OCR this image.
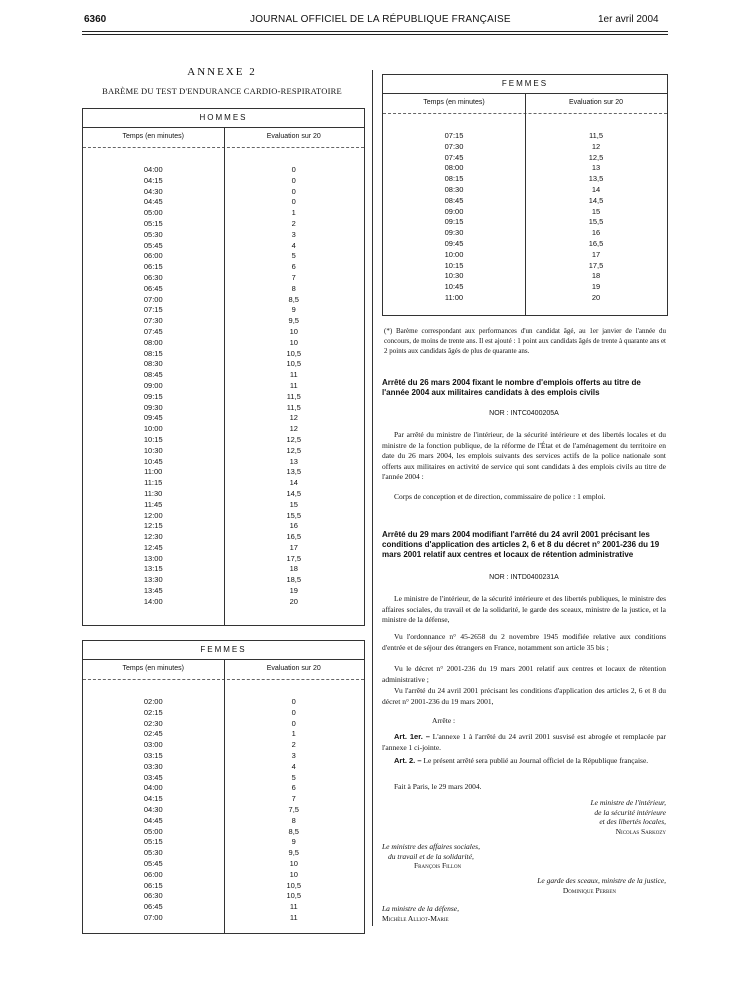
6360	JOURNAL OFFICIEL DE LA RÉPUBLIQUE FRANÇAISE	1er avril 2004
ANNEXE 2
BARÈME DU TEST D'ENDURANCE CARDIO-RESPIRATOIRE
HOMMES
Temps (en minutes)	Evaluation sur 20
04:00	0
04:15	0
04:30	0
04:45	0
05:00	1
05:15	2
05:30	3
05:45	4
06:00	5
06:15	6
06:30	7
06:45	8
07:00	8,5
07:15	9
07:30	9,5
07:45	10
08:00	10
08:15	10,5
08:30	10,5
08:45	11
09:00	11
09:15	11,5
09:30	11,5
09:45	12
10:00	12
10:15	12,5
10:30	12,5
10:45	13
11:00	13,5
11:15	14
11:30	14,5
11:45	15
12:00	15,5
12:15	16
12:30	16,5
12:45	17
13:00	17,5
13:15	18
13:30	18,5
13:45	19
14:00	20
FEMMES
Temps (en minutes)	Evaluation sur 20
02:00	0
02:15	0
02:30	0
02:45	1
03:00	2
03:15	3
03:30	4
03:45	5
04:00	6
04:15	7
04:30	7,5
04:45	8
05:00	8,5
05:15	9
05:30	9,5
05:45	10
06:00	10
06:15	10,5
06:30	10,5
06:45	11
07:00	11
FEMMES
Temps (en minutes)	Evaluation sur 20
07:15	11,5
07:30	12
07:45	12,5
08:00	13
08:15	13,5
08:30	14
08:45	14,5
09:00	15
09:15	15,5
09:30	16
09:45	16,5
10:00	17
10:15	17,5
10:30	18
10:45	19
11:00	20
(*) Barème correspondant aux performances d'un candidat âgé, au 1er janvier de l'année du concours, de moins de trente ans. Il est ajouté : 1 point aux candidats âgés de trente à quarante ans et 2 points aux candidats âgés de plus de quarante ans.
Arrêté du 26 mars 2004 fixant le nombre d'emplois offerts au titre de l'année 2004 aux militaires candidats à des emplois civils
NOR : INTC0400205A
Par arrêté du ministre de l'intérieur, de la sécurité intérieure et des libertés locales et du ministre de la fonction publique, de la réforme de l'État et de l'aménagement du territoire en date du 26 mars 2004, les emplois suivants des services actifs de la police nationale sont offerts aux militaires en activité de service qui sont candidats à des emplois civils au titre de l'année 2004 :
Corps de conception et de direction, commissaire de police : 1 emploi.
Arrêté du 29 mars 2004 modifiant l'arrêté du 24 avril 2001 précisant les conditions d'application des articles 2, 6 et 8 du décret n° 2001-236 du 19 mars 2001 relatif aux centres et locaux de rétention administrative
NOR : INTD0400231A
Le ministre de l'intérieur, de la sécurité intérieure et des libertés publiques, le ministre des affaires sociales, du travail et de la solidarité, le garde des sceaux, ministre de la justice, et la ministre de la défense,
Vu l'ordonnance n° 45-2658 du 2 novembre 1945 modifiée relative aux conditions d'entrée et de séjour des étrangers en France, notamment son article 35 bis ;
Vu le décret n° 2001-236 du 19 mars 2001 relatif aux centres et locaux de rétention administrative ;
Vu l'arrêté du 24 avril 2001 précisant les conditions d'application des articles 2, 6 et 8 du décret n° 2001-236 du 19 mars 2001,
Arrête :
Art. 1er. – L'annexe 1 à l'arrêté du 24 avril 2001 susvisé est abrogée et remplacée par l'annexe 1 ci-jointe.
Art. 2. – Le présent arrêté sera publié au Journal officiel de la République française.
Fait à Paris, le 29 mars 2004.
Le ministre de l'intérieur,
de la sécurité intérieure
et des libertés locales,
Nicolas Sarkozy
Le ministre des affaires sociales,
du travail et de la solidarité,
François Fillon
Le garde des sceaux, ministre de la justice,
Dominique Perben
La ministre de la défense,
Michèle Alliot-Marie
